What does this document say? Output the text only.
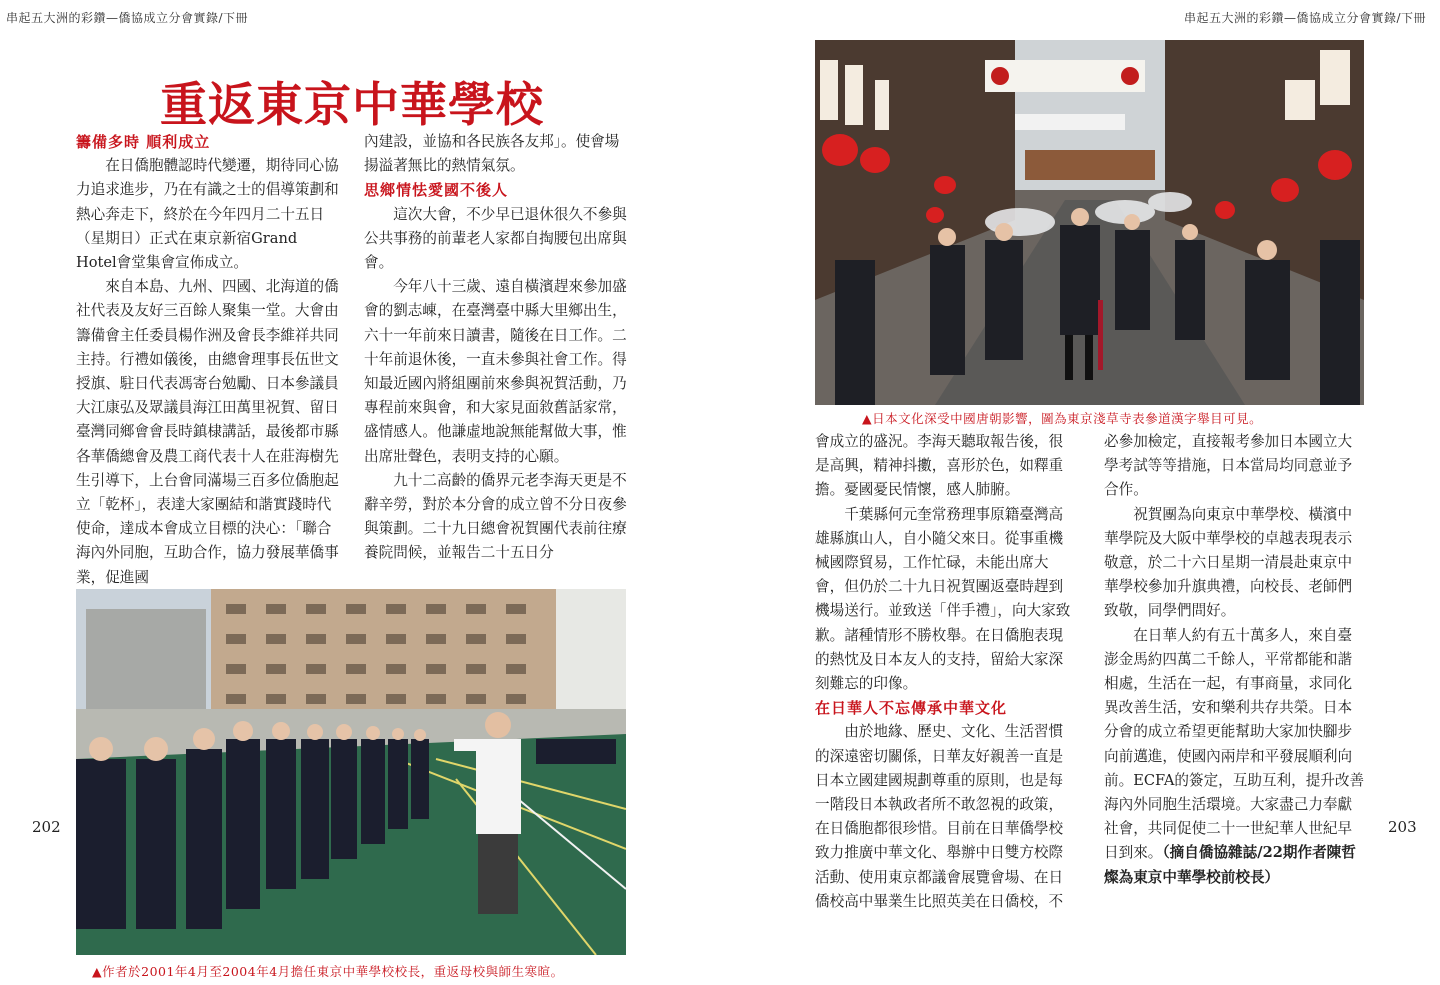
串起五大洲的彩鑽—僑協成立分會實錄/下冊	串起五大洲的彩鑽—僑協成立分會實錄/下冊
重返東京中華學校
籌備多時 順利成立

在日僑胞體認時代變遷，期待同心協力追求進步，乃在有識之士的倡導策劃和熱心奔走下，終於在今年四月二十五日（星期日）正式在東京新宿Grand Hotel會堂集會宣佈成立。

來自本島、九州、四國、北海道的僑社代表及友好三百餘人聚集一堂。大會由籌備會主任委員楊作洲及會長李維祥共同主持。行禮如儀後，由總會理事長伍世文授旗、駐日代表馮寄台勉勵、日本參議員大江康弘及眾議員海江田萬里祝賀、留日臺灣同鄉會會長時鎮棣講話，最後都市縣各華僑總會及農工商代表十人在莊海樹先生引導下，上台會同滿場三百多位僑胞起立「乾杯」，表達大家團結和諧實踐時代使命，達成本會成立目標的決心：「聯合海內外同胞，互助合作，協力發展華僑事業，促進國

內建設，並協和各民族各友邦」。使會場揚溢著無比的熱情氣氛。

思鄉情怯愛國不後人

這次大會，不少早已退休很久不參與公共事務的前輩老人家都自掏腰包出席與會。

今年八十三歲、遠自橫濱趕來參加盛會的劉志崠，在臺灣臺中縣大里鄉出生，六十一年前來日讀書，隨後在日工作。二十年前退休後，一直未參與社會工作。得知最近國內將組團前來參與祝賀活動，乃專程前來與會，和大家見面敘舊話家常，盛情感人。他謙虛地說無能幫做大事，惟出席壯聲色，表明支持的心願。

九十二高齡的僑界元老李海天更是不辭辛勞，對於本分會的成立曾不分日夜參與策劃。二十九日總會祝賀團代表前往療養院問候，並報告二十五日分

▲作者於2001年4月至2004年4月擔任東京中華學校校長，重返母校與師生寒暄。
202
▲日本文化深受中國唐朝影響，圖為東京淺草寺表參道漢字舉目可見。

會成立的盛況。李海天聽取報告後，很是高興，精神抖擻，喜形於色，如釋重擔。憂國憂民情懷，感人肺腑。

千葉縣何元奎常務理事原籍臺灣高雄縣旗山人，自小隨父來日。從事重機械國際貿易，工作忙碌，未能出席大會，但仍於二十九日祝賀團返臺時趕到機場送行。並致送「伴手禮」，向大家致歉。諸種情形不勝枚舉。在日僑胞表現的熱忱及日本友人的支持，留給大家深刻難忘的印像。

在日華人不忘傳承中華文化

由於地緣、歷史、文化、生活習慣的深遠密切關係，日華友好親善一直是日本立國建國規劃尊重的原則，也是每一階段日本執政者所不敢忽視的政策，在日僑胞都很珍惜。目前在日華僑學校致力推廣中華文化、舉辦中日雙方校際活動、使用東京都議會展覽會場、在日僑校高中畢業生比照英美在日僑校，不

必參加檢定，直接報考參加日本國立大學考試等等措施，日本當局均同意並予合作。

祝賀團為向東京中華學校、橫濱中華學院及大阪中華學校的卓越表現表示敬意，於二十六日星期一清晨赴東京中華學校參加升旗典禮，向校長、老師們致敬，同學們問好。

在日華人約有五十萬多人，來自臺澎金馬約四萬二千餘人，平常都能和諧相處，生活在一起，有事商量，求同化異改善生活，安和樂利共存共榮。日本分會的成立希望更能幫助大家加快腳步向前邁進，使國內兩岸和平發展順利向前。ECFA的簽定，互助互利，提升改善海內外同胞生活環境。大家盡己力奉獻社會，共同促使二十一世紀華人世紀早日到來。（摘自僑協雜誌/22期作者陳哲燦為東京中華學校前校長）

203
